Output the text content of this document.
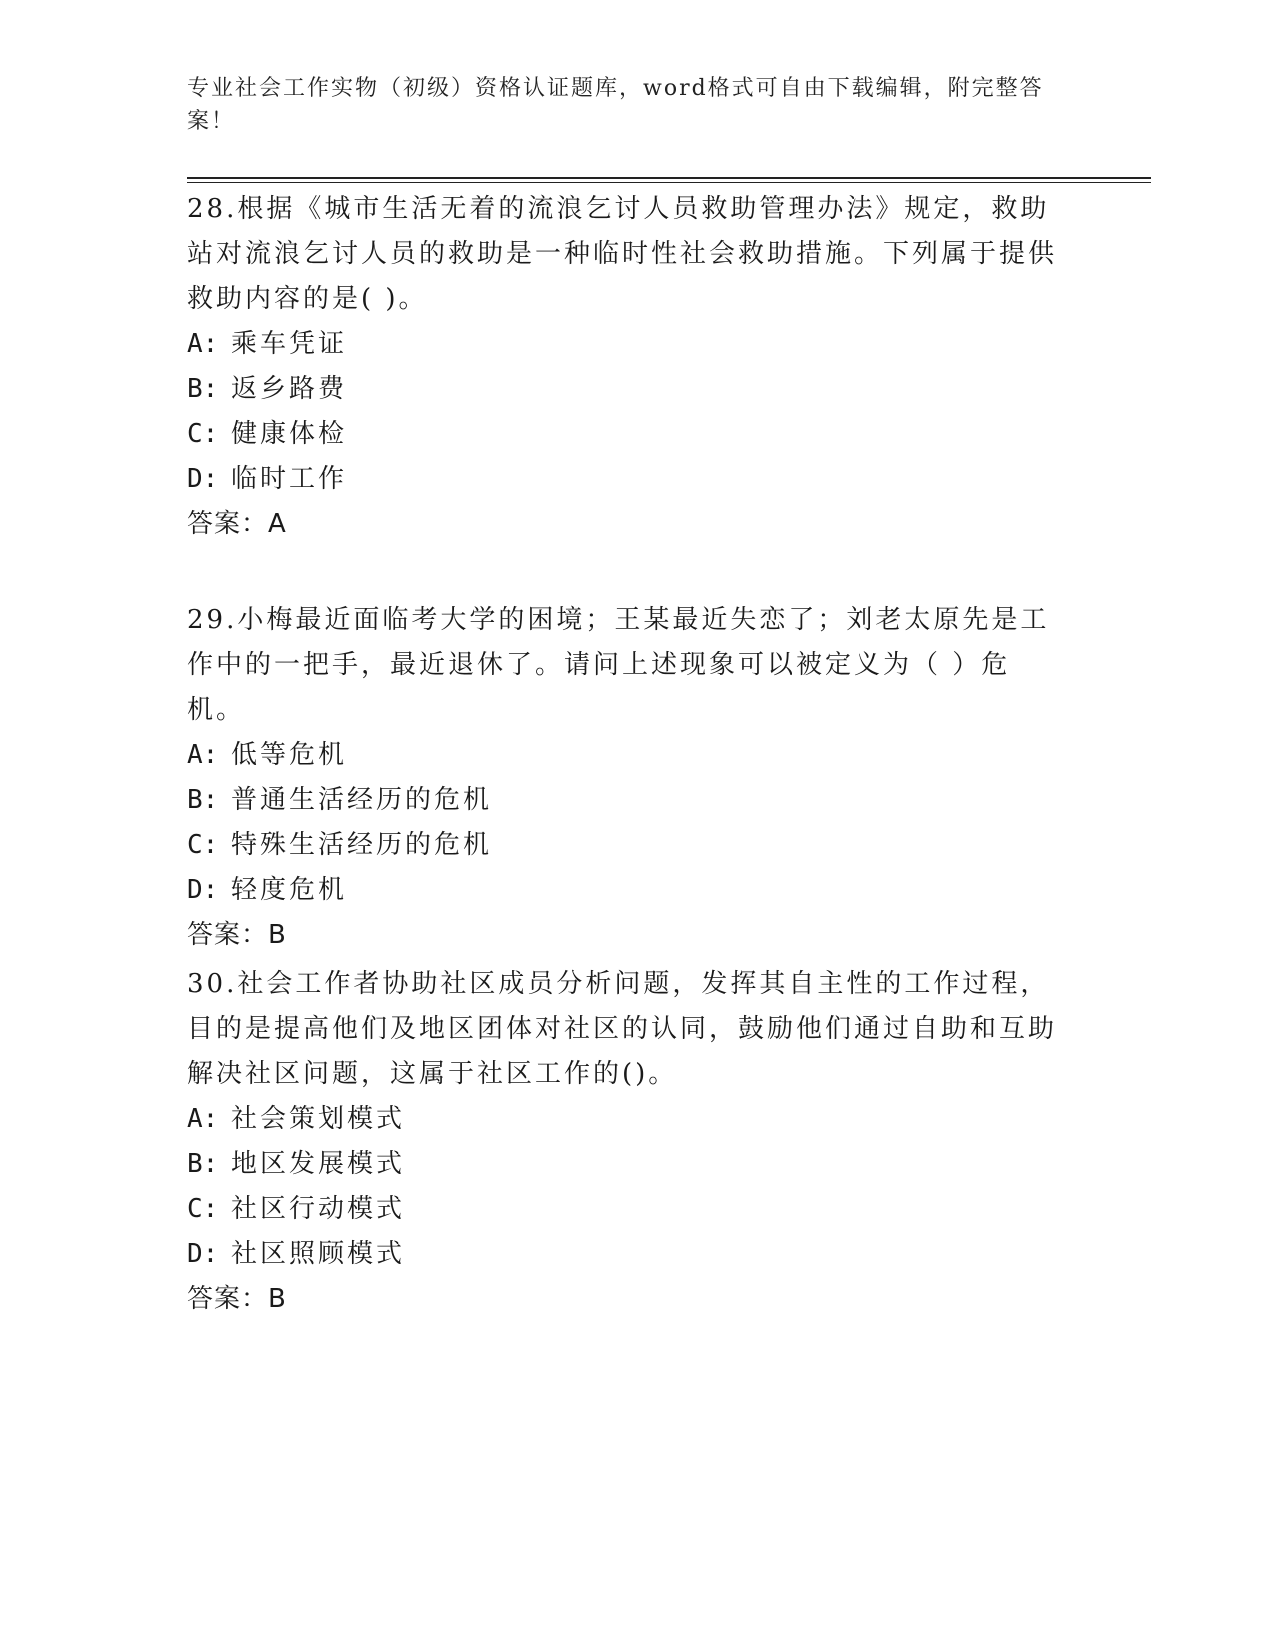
专业社会工作实物（初级）资格认证题库，word格式可自由下载编辑，附完整答案！

28.根据《城市生活无着的流浪乞讨人员救助管理办法》规定，救助站对流浪乞讨人员的救助是一种临时性社会救助措施。下列属于提供救助内容的是( )。

A: 乘车凭证

B: 返乡路费

C: 健康体检

D: 临时工作

答案：A

29.小梅最近面临考大学的困境；王某最近失恋了；刘老太原先是工作中的一把手，最近退休了。请问上述现象可以被定义为（ ）危机。

A: 低等危机

B: 普通生活经历的危机

C: 特殊生活经历的危机

D: 轻度危机

答案：B

30.社会工作者协助社区成员分析问题，发挥其自主性的工作过程，目的是提高他们及地区团体对社区的认同，鼓励他们通过自助和互助解决社区问题，这属于社区工作的()。

A: 社会策划模式

B: 地区发展模式

C: 社区行动模式

D: 社区照顾模式

答案：B
